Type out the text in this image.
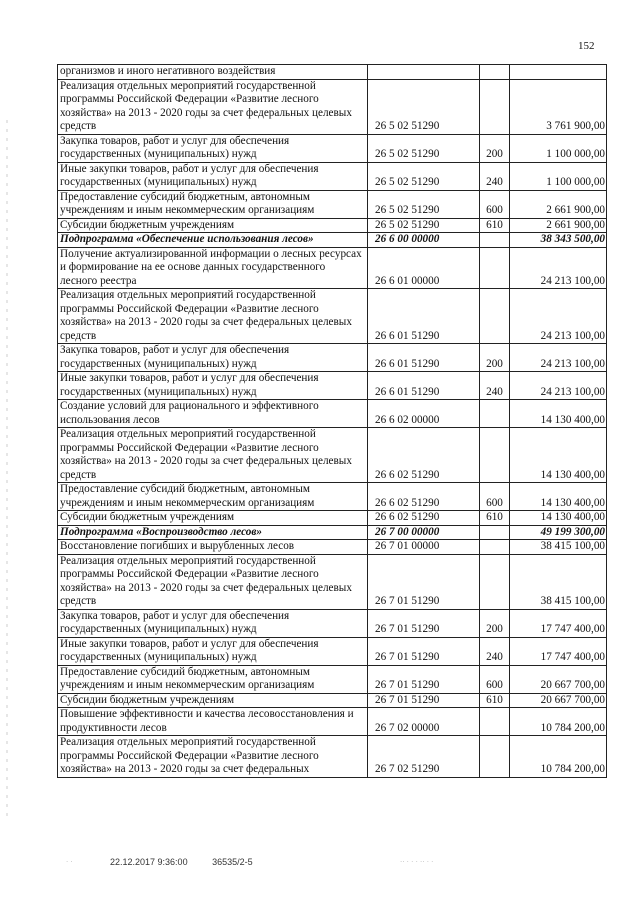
152
организмов и иного негативного воздействия			
Реализация отдельных мероприятий государственной программы Российской Федерации «Развитие лесного хозяйства» на 2013 - 2020 годы за счет федеральных целевых средств	26 5 02 51290		3 761 900,00
Закупка товаров, работ и услуг для обеспечения государственных (муниципальных) нужд	26 5 02 51290	200	1 100 000,00
Иные закупки товаров, работ и услуг для обеспечения государственных (муниципальных) нужд	26 5 02 51290	240	1 100 000,00
Предоставление субсидий бюджетным, автономным учреждениям и иным некоммерческим организациям	26 5 02 51290	600	2 661 900,00
Субсидии бюджетным учреждениям	26 5 02 51290	610	2 661 900,00
Подпрограмма «Обеспечение использования лесов»	26 6 00 00000		38 343 500,00
Получение актуализированной информации о лесных ресурсах и формирование на ее основе данных государственного лесного реестра	26 6 01 00000		24 213 100,00
Реализация отдельных мероприятий государственной программы Российской Федерации «Развитие лесного хозяйства» на 2013 - 2020 годы за счет федеральных целевых средств	26 6 01 51290		24 213 100,00
Закупка товаров, работ и услуг для обеспечения государственных (муниципальных) нужд	26 6 01 51290	200	24 213 100,00
Иные закупки товаров, работ и услуг для обеспечения государственных (муниципальных) нужд	26 6 01 51290	240	24 213 100,00
Создание условий для рационального и эффективного использования лесов	26 6 02 00000		14 130 400,00
Реализация отдельных мероприятий государственной программы Российской Федерации «Развитие лесного хозяйства» на 2013 - 2020 годы за счет федеральных целевых средств	26 6 02 51290		14 130 400,00
Предоставление субсидий бюджетным, автономным учреждениям и иным некоммерческим организациям	26 6 02 51290	600	14 130 400,00
Субсидии бюджетным учреждениям	26 6 02 51290	610	14 130 400,00
Подпрограмма «Воспроизводство лесов»	26 7 00 00000		49 199 300,00
Восстановление погибших и вырубленных лесов	26 7 01 00000		38 415 100,00
Реализация отдельных мероприятий государственной программы Российской Федерации «Развитие лесного хозяйства» на 2013 - 2020 годы за счет федеральных целевых средств	26 7 01 51290		38 415 100,00
Закупка товаров, работ и услуг для обеспечения государственных (муниципальных) нужд	26 7 01 51290	200	17 747 400,00
Иные закупки товаров, работ и услуг для обеспечения государственных (муниципальных) нужд	26 7 01 51290	240	17 747 400,00
Предоставление субсидий бюджетным, автономным учреждениям и иным некоммерческим организациям	26 7 01 51290	600	20 667 700,00
Субсидии бюджетным учреждениям	26 7 01 51290	610	20 667 700,00
Повышение эффективности и качества лесовосстановления и продуктивности лесов	26 7 02 00000		10 784 200,00
Реализация отдельных мероприятий государственной программы Российской Федерации «Развитие лесного хозяйства» на 2013 - 2020 годы за счет федеральных	26 7 02 51290		10 784 200,00
22.12.2017 9:36:00	36535/2-5
· ·	·· · · · ·· · ·
